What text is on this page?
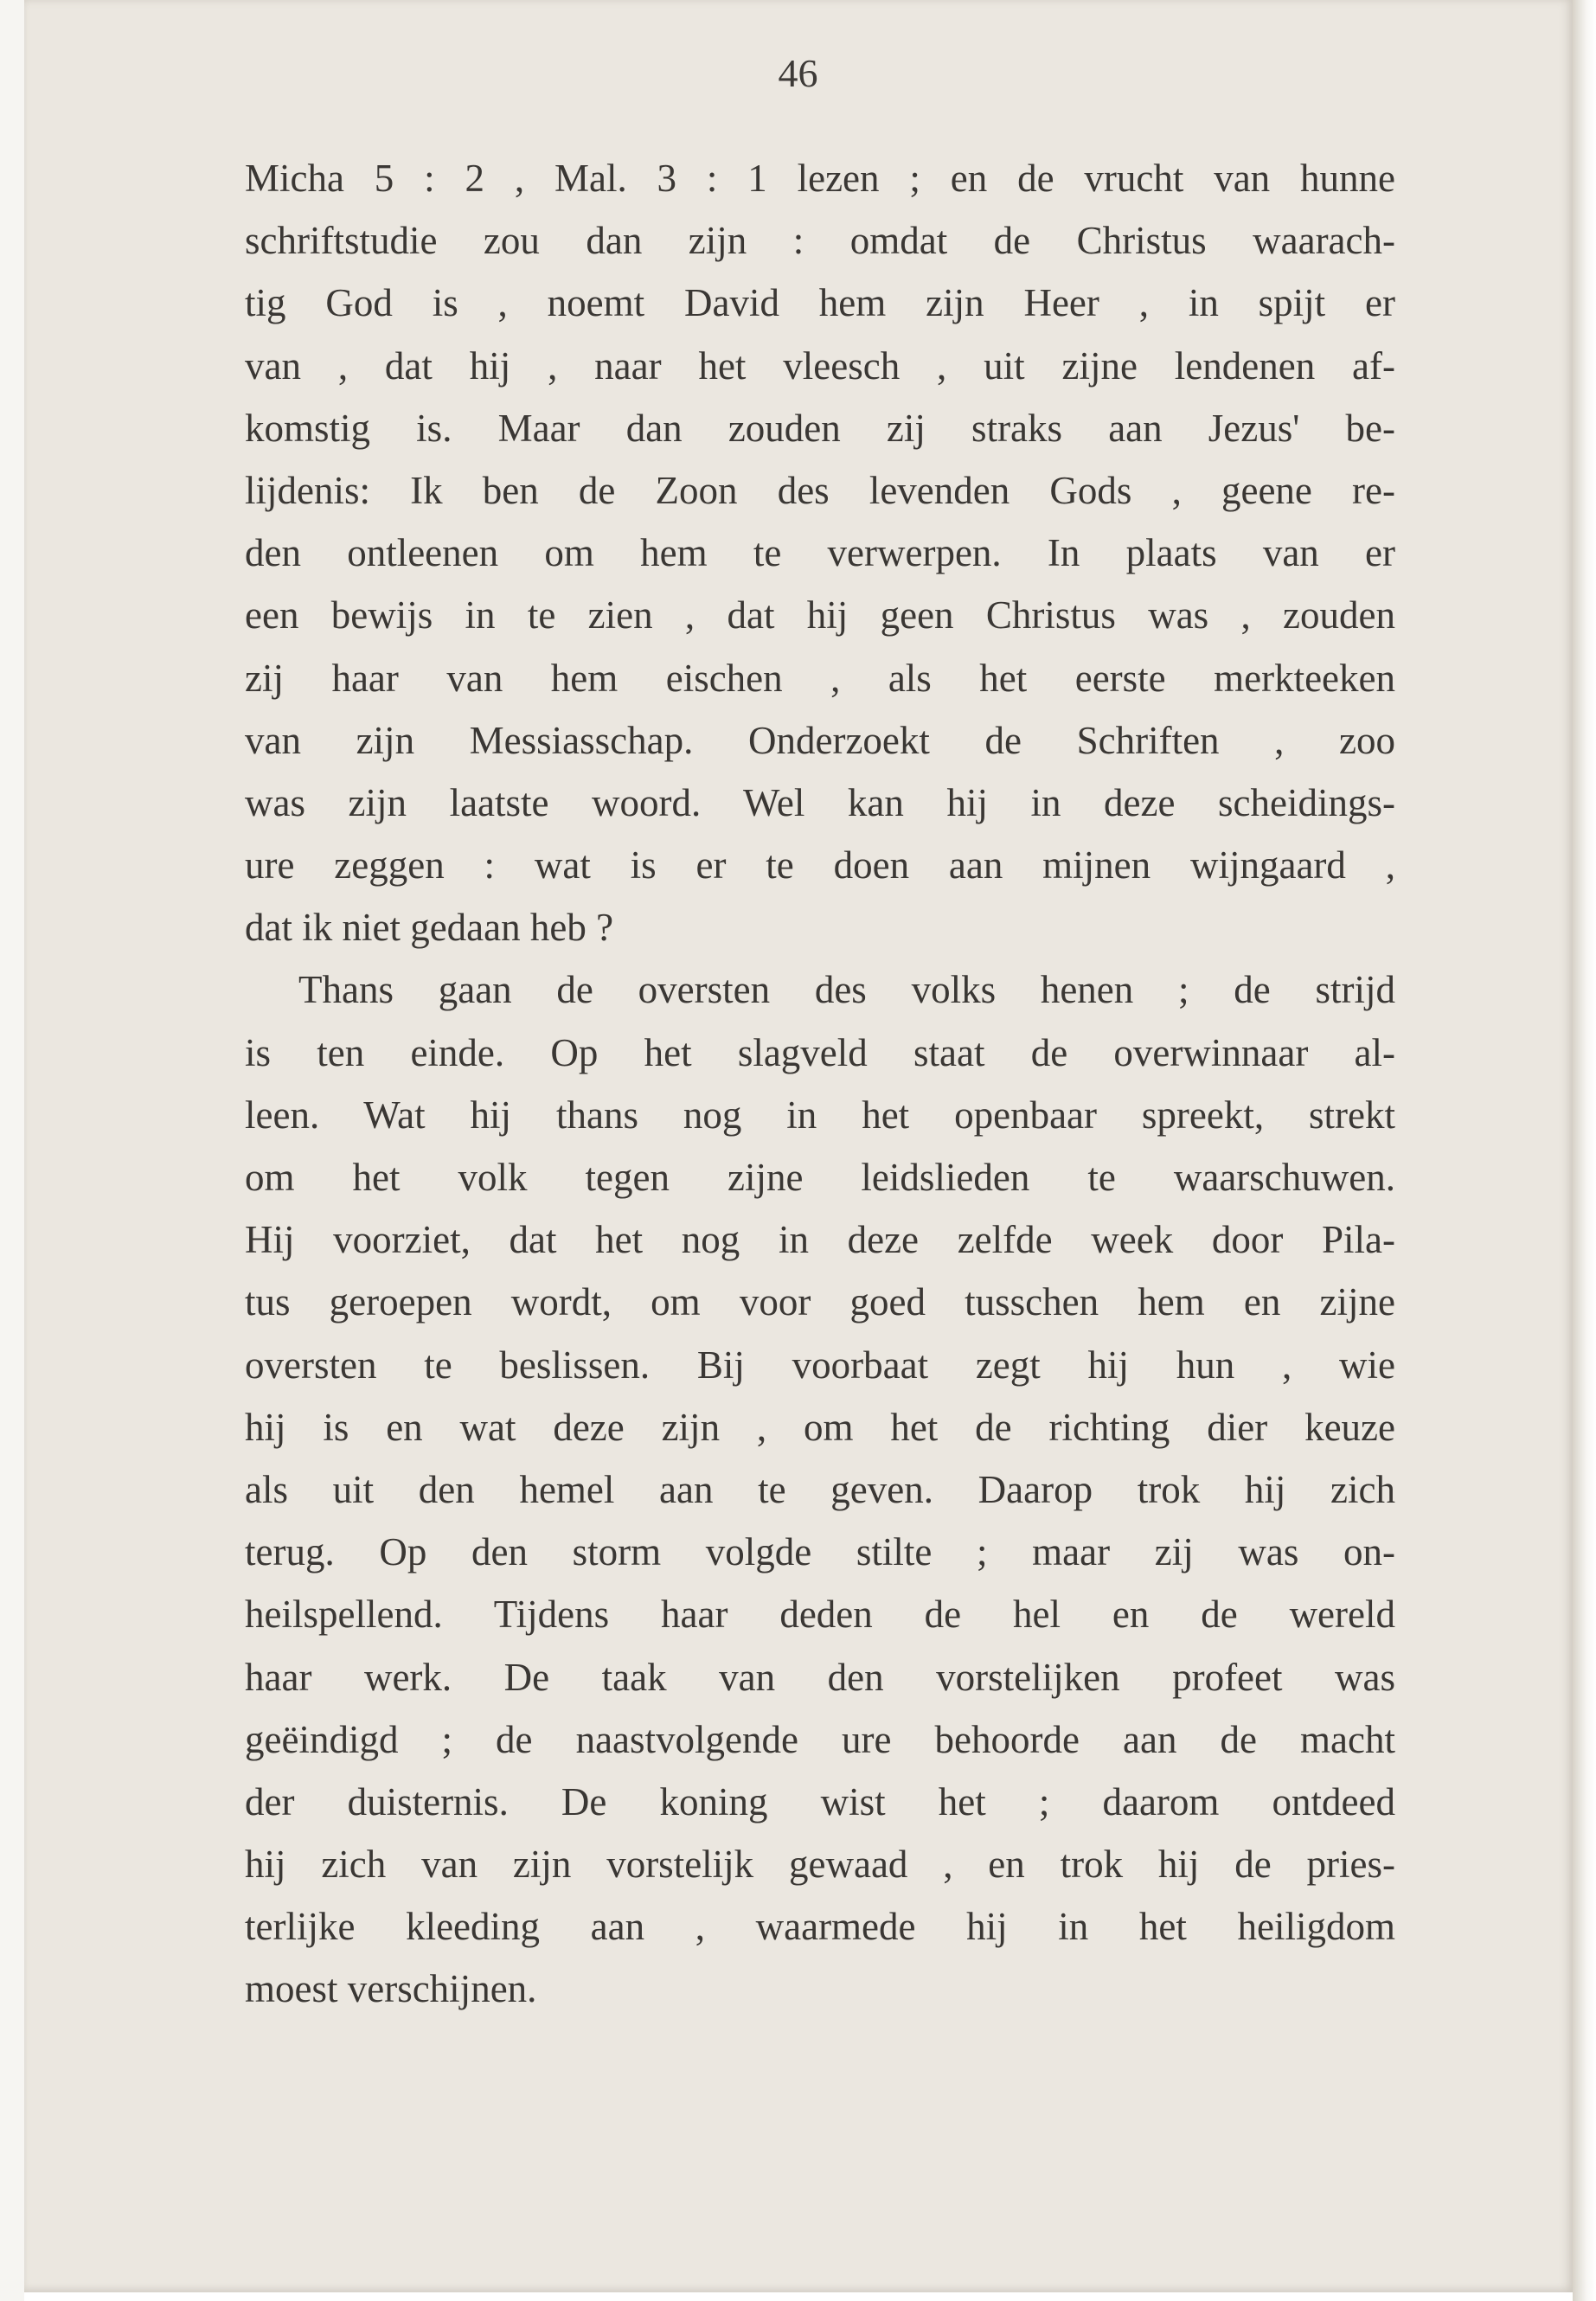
46
Micha 5 : 2 , Mal. 3 : 1 lezen ; en de vrucht van hunne
schriftstudie zou dan zijn : omdat de Christus waarach-
tig God is , noemt David hem zijn Heer , in spijt er
van , dat hij , naar het vleesch , uit zijne lendenen af-
komstig is. Maar dan zouden zij straks aan Jezus' be-
lijdenis: Ik ben de Zoon des levenden Gods , geene re-
den ontleenen om hem te verwerpen. In plaats van er
een bewijs in te zien , dat hij geen Christus was , zouden
zij haar van hem eischen , als het eerste merkteeken
van zijn Messiasschap. Onderzoekt de Schriften , zoo
was zijn laatste woord. Wel kan hij in deze scheidings-
ure zeggen : wat is er te doen aan mijnen wijngaard ,
dat ik niet gedaan heb ?
Thans gaan de oversten des volks henen ; de strijd
is ten einde. Op het slagveld staat de overwinnaar al-
leen. Wat hij thans nog in het openbaar spreekt, strekt
om het volk tegen zijne leidslieden te waarschuwen.
Hij voorziet, dat het nog in deze zelfde week door Pila-
tus geroepen wordt, om voor goed tusschen hem en zijne
oversten te beslissen. Bij voorbaat zegt hij hun , wie
hij is en wat deze zijn , om het de richting dier keuze
als uit den hemel aan te geven. Daarop trok hij zich
terug. Op den storm volgde stilte ; maar zij was on-
heilspellend. Tijdens haar deden de hel en de wereld
haar werk. De taak van den vorstelijken profeet was
geëindigd ; de naastvolgende ure behoorde aan de macht
der duisternis. De koning wist het ; daarom ontdeed
hij zich van zijn vorstelijk gewaad , en trok hij de pries-
terlijke kleeding aan , waarmede hij in het heiligdom
moest verschijnen.
